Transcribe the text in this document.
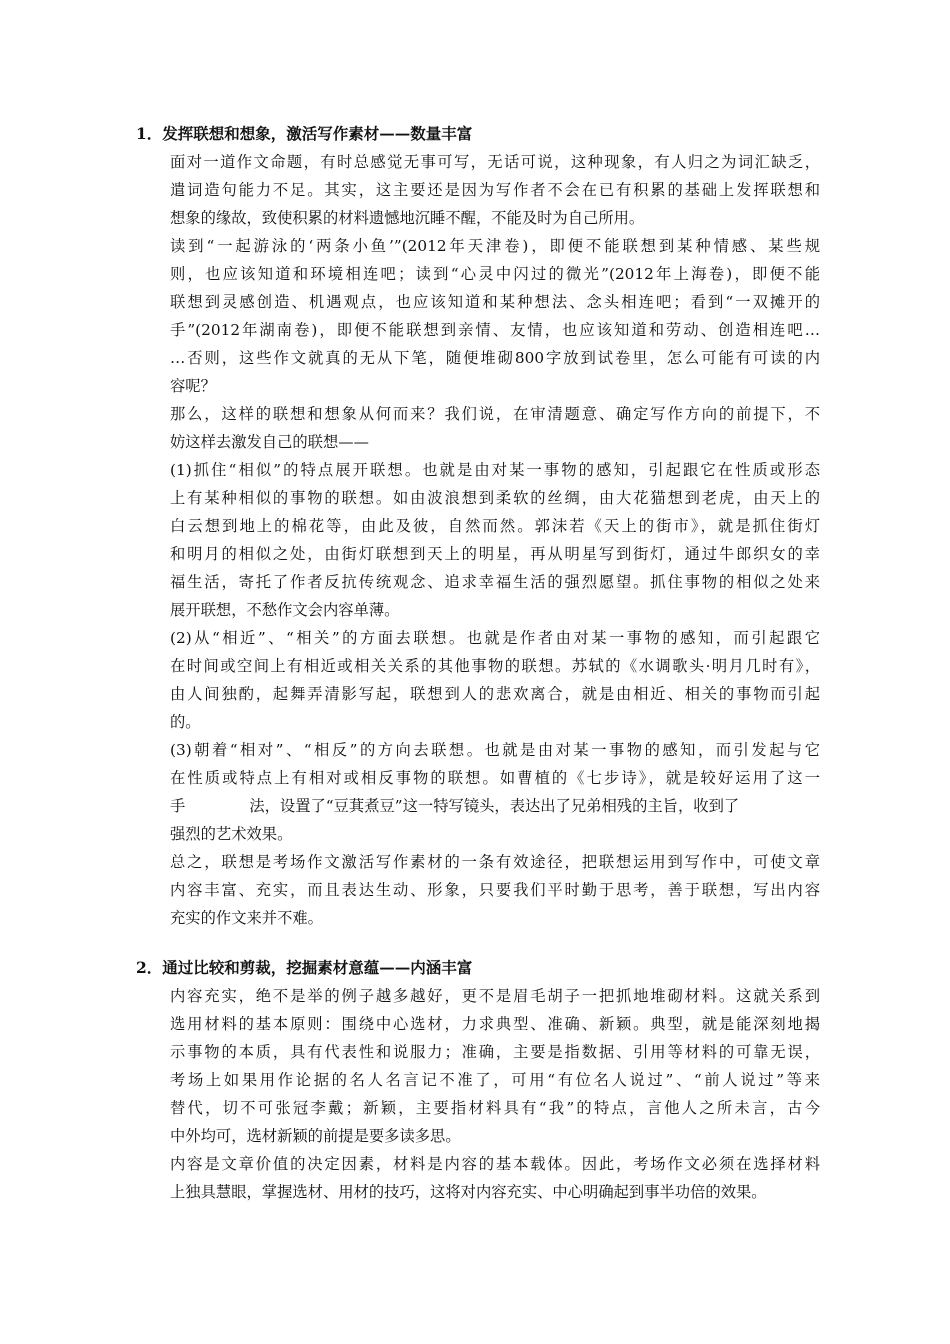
1．发挥联想和想象，激活写作素材——数量丰富
面对一道作文命题，有时总感觉无事可写，无话可说，这种现象，有人归之为词汇缺乏，
遣词造句能力不足。其实，这主要还是因为写作者不会在已有积累的基础上发挥联想和
想象的缘故，致使积累的材料遗憾地沉睡不醒，不能及时为自己所用。
读到“一起游泳的‘两条小鱼’”(2012年天津卷)，即便不能联想到某种情感、某些规
则，也应该知道和环境相连吧；读到“心灵中闪过的微光”(2012年上海卷)，即便不能
联想到灵感创造、机遇观点，也应该知道和某种想法、念头相连吧；看到“一双摊开的
手”(2012年湖南卷)，即便不能联想到亲情、友情，也应该知道和劳动、创造相连吧…
…否则，这些作文就真的无从下笔，随便堆砌800字放到试卷里，怎么可能有可读的内
容呢？
那么，这样的联想和想象从何而来？我们说，在审清题意、确定写作方向的前提下，不
妨这样去激发自己的联想——
(1)抓住“相似”的特点展开联想。也就是由对某一事物的感知，引起跟它在性质或形态
上有某种相似的事物的联想。如由波浪想到柔软的丝绸，由大花猫想到老虎，由天上的
白云想到地上的棉花等，由此及彼，自然而然。郭沫若《天上的街市》，就是抓住街灯
和明月的相似之处，由街灯联想到天上的明星，再从明星写到街灯，通过牛郎织女的幸
福生活，寄托了作者反抗传统观念、追求幸福生活的强烈愿望。抓住事物的相似之处来
展开联想，不愁作文会内容单薄。
(2)从“相近”、“相关”的方面去联想。也就是作者由对某一事物的感知，而引起跟它
在时间或空间上有相近或相关关系的其他事物的联想。苏轼的《水调歌头·明月几时有》，
由人间独酌，起舞弄清影写起，联想到人的悲欢离合，就是由相近、相关的事物而引起
的。
(3)朝着“相对”、“相反”的方向去联想。也就是由对某一事物的感知，而引发起与它
在性质或特点上有相对或相反事物的联想。如曹植的《七步诗》，就是较好运用了这一
手	法，设置了“豆萁煮豆”这一特写镜头，表达出了兄弟相残的主旨，收到了
强烈的艺术效果。
总之，联想是考场作文激活写作素材的一条有效途径，把联想运用到写作中，可使文章
内容丰富、充实，而且表达生动、形象，只要我们平时勤于思考，善于联想，写出内容
充实的作文来并不难。
2．通过比较和剪裁，挖掘素材意蕴——内涵丰富
内容充实，绝不是举的例子越多越好，更不是眉毛胡子一把抓地堆砌材料。这就关系到
选用材料的基本原则：围绕中心选材，力求典型、准确、新颖。典型，就是能深刻地揭
示事物的本质，具有代表性和说服力；准确，主要是指数据、引用等材料的可靠无误，
考场上如果用作论据的名人名言记不准了，可用“有位名人说过”、“前人说过”等来
替代，切不可张冠李戴；新颖，主要指材料具有“我”的特点，言他人之所未言，古今
中外均可，选材新颖的前提是要多读多思。
内容是文章价值的决定因素，材料是内容的基本载体。因此，考场作文必须在选择材料
上独具慧眼，掌握选材、用材的技巧，这将对内容充实、中心明确起到事半功倍的效果。
